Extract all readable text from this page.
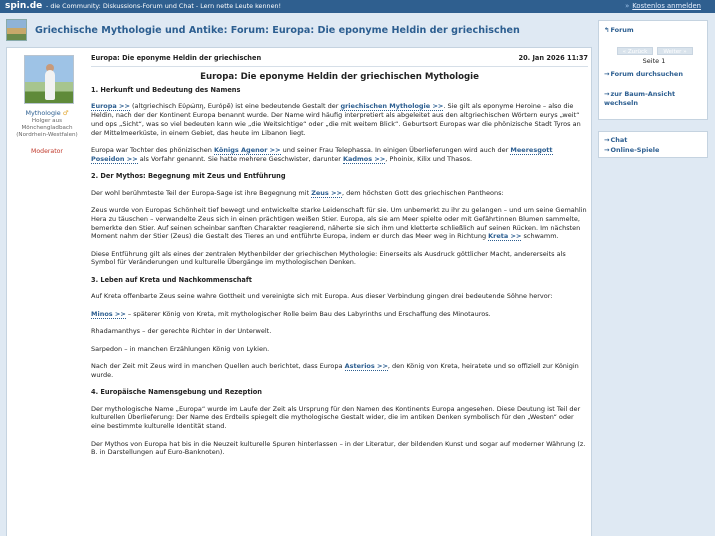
spin.de - die Community: Diskussions-Forum und Chat - Lern nette Leute kennen!	» Kostenlos anmelden
Griechische Mythologie und Antike: Forum: Europa: Die eponyme Heldin der griechischen
Mythologie ♂
Holger aus
Mönchengladbach
(Nordrhein-Westfalen)
Moderator
Europa: Die eponyme Heldin der griechischen	20. Jan 2026 11:37
Europa: Die eponyme Heldin der griechischen Mythologie
1. Herkunft und Bedeutung des Namens

Europa >> (altgriechisch Εὐρώπη, Európē) ist eine bedeutende Gestalt der griechischen Mythologie >>. Sie gilt als eponyme Heroine – also die Heldin, nach der der Kontinent Europa benannt wurde. Der Name wird häufig interpretiert als abgeleitet aus den altgriechischen Wörtern eurys „weit“ und ops „Sicht“, was so viel bedeuten kann wie „die Weitsichtige“ oder „die mit weitem Blick“. Geburtsort Europas war die phönizische Stadt Tyros an der Mittelmeerküste, in einem Gebiet, das heute im Libanon liegt.

Europa war Tochter des phönizischen Königs Agenor >> und seiner Frau Telephassa. In einigen Überlieferungen wird auch der Meeresgott Poseidon >> als Vorfahr genannt. Sie hatte mehrere Geschwister, darunter Kadmos >>, Phoinix, Kilix und Thasos.

2. Der Mythos: Begegnung mit Zeus und Entführung

Der wohl berühmteste Teil der Europa-Sage ist ihre Begegnung mit Zeus >>, dem höchsten Gott des griechischen Pantheons:

Zeus wurde von Europas Schönheit tief bewegt und entwickelte starke Leidenschaft für sie. Um unbemerkt zu ihr zu gelangen – und um seine Gemahlin Hera zu täuschen – verwandelte Zeus sich in einen prächtigen weißen Stier. Europa, als sie am Meer spielte oder mit Gefährtinnen Blumen sammelte, bemerkte den Stier. Auf seinen scheinbar sanften Charakter reagierend, näherte sie sich ihm und kletterte schließlich auf seinen Rücken. Im nächsten Moment nahm der Stier (Zeus) die Gestalt des Tieres an und entführte Europa, indem er durch das Meer weg in Richtung Kreta >> schwamm.

Diese Entführung gilt als eines der zentralen Mythenbilder der griechischen Mythologie: Einerseits als Ausdruck göttlicher Macht, andererseits als Symbol für Veränderungen und kulturelle Übergänge im mythologischen Denken.

3. Leben auf Kreta und Nachkommenschaft

Auf Kreta offenbarte Zeus seine wahre Gottheit und vereinigte sich mit Europa. Aus dieser Verbindung gingen drei bedeutende Söhne hervor:

Minos >> – späterer König von Kreta, mit mythologischer Rolle beim Bau des Labyrinths und Erschaffung des Minotauros.

Rhadamanthys – der gerechte Richter in der Unterwelt.

Sarpedon – in manchen Erzählungen König von Lykien.

Nach der Zeit mit Zeus wird in manchen Quellen auch berichtet, dass Europa Asterios >>, den König von Kreta, heiratete und so offiziell zur Königin wurde.

4. Europäische Namensgebung und Rezeption

Der mythologische Name „Europa“ wurde im Laufe der Zeit als Ursprung für den Namen des Kontinents Europa angesehen. Diese Deutung ist Teil der kulturellen Überlieferung: Der Name des Erdteils spiegelt die mythologische Gestalt wider, die im antiken Denken symbolisch für den „Westen“ oder eine bestimmte kulturelle Identität stand.

Der Mythos von Europa hat bis in die Neuzeit kulturelle Spuren hinterlassen – in der Literatur, der bildenden Kunst und sogar auf moderner Währung (z. B. in Darstellungen auf Euro-Banknoten).

↰Forum
« Zurück	Weiter »
Seite 1
→Forum durchsuchen
→zur Baum-Ansicht
wechseln
→Chat
→Online-Spiele
